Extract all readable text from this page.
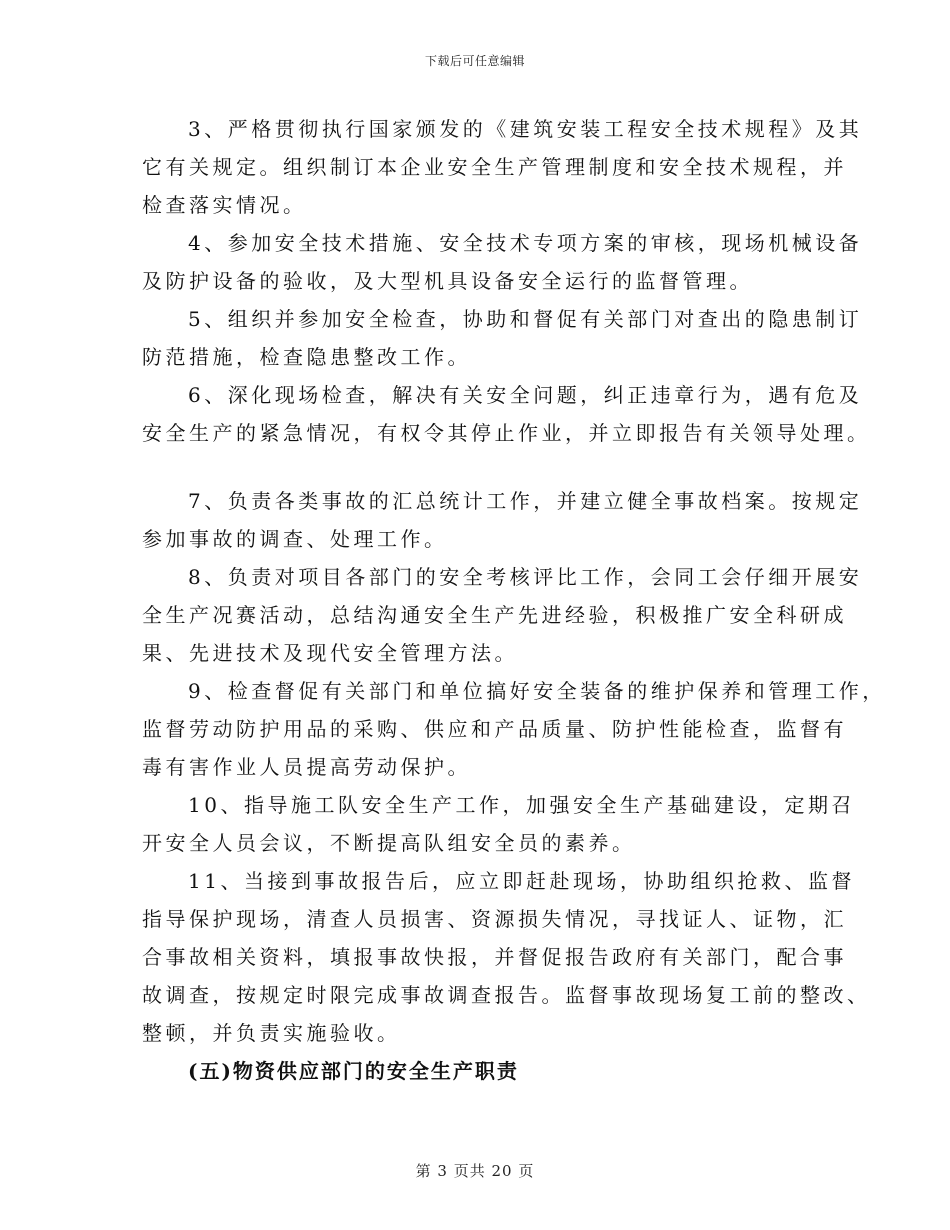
下载后可任意编辑
3、严格贯彻执行国家颁发的《建筑安装工程安全技术规程》及其
它有关规定。组织制订本企业安全生产管理制度和安全技术规程，并
检查落实情况。
4、参加安全技术措施、安全技术专项方案的审核，现场机械设备
及防护设备的验收，及大型机具设备安全运行的监督管理。
5、组织并参加安全检查，协助和督促有关部门对查出的隐患制订
防范措施，检查隐患整改工作。
6、深化现场检查，解决有关安全问题，纠正违章行为，遇有危及
安全生产的紧急情况，有权令其停止作业，并立即报告有关领导处理。
7、负责各类事故的汇总统计工作，并建立健全事故档案。按规定
参加事故的调查、处理工作。
8、负责对项目各部门的安全考核评比工作，会同工会仔细开展安
全生产况赛活动，总结沟通安全生产先进经验，积极推广安全科研成
果、先进技术及现代安全管理方法。
9、检查督促有关部门和单位搞好安全装备的维护保养和管理工作，
监督劳动防护用品的采购、供应和产品质量、防护性能检查，监督有
毒有害作业人员提高劳动保护。
10、指导施工队安全生产工作，加强安全生产基础建设，定期召
开安全人员会议，不断提高队组安全员的素养。
11、当接到事故报告后，应立即赶赴现场，协助组织抢救、监督
指导保护现场，清查人员损害、资源损失情况，寻找证人、证物，汇
合事故相关资料，填报事故快报，并督促报告政府有关部门，配合事
故调查，按规定时限完成事故调查报告。监督事故现场复工前的整改、
整顿，并负责实施验收。
(五)物资供应部门的安全生产职责
第 3 页共 20 页
